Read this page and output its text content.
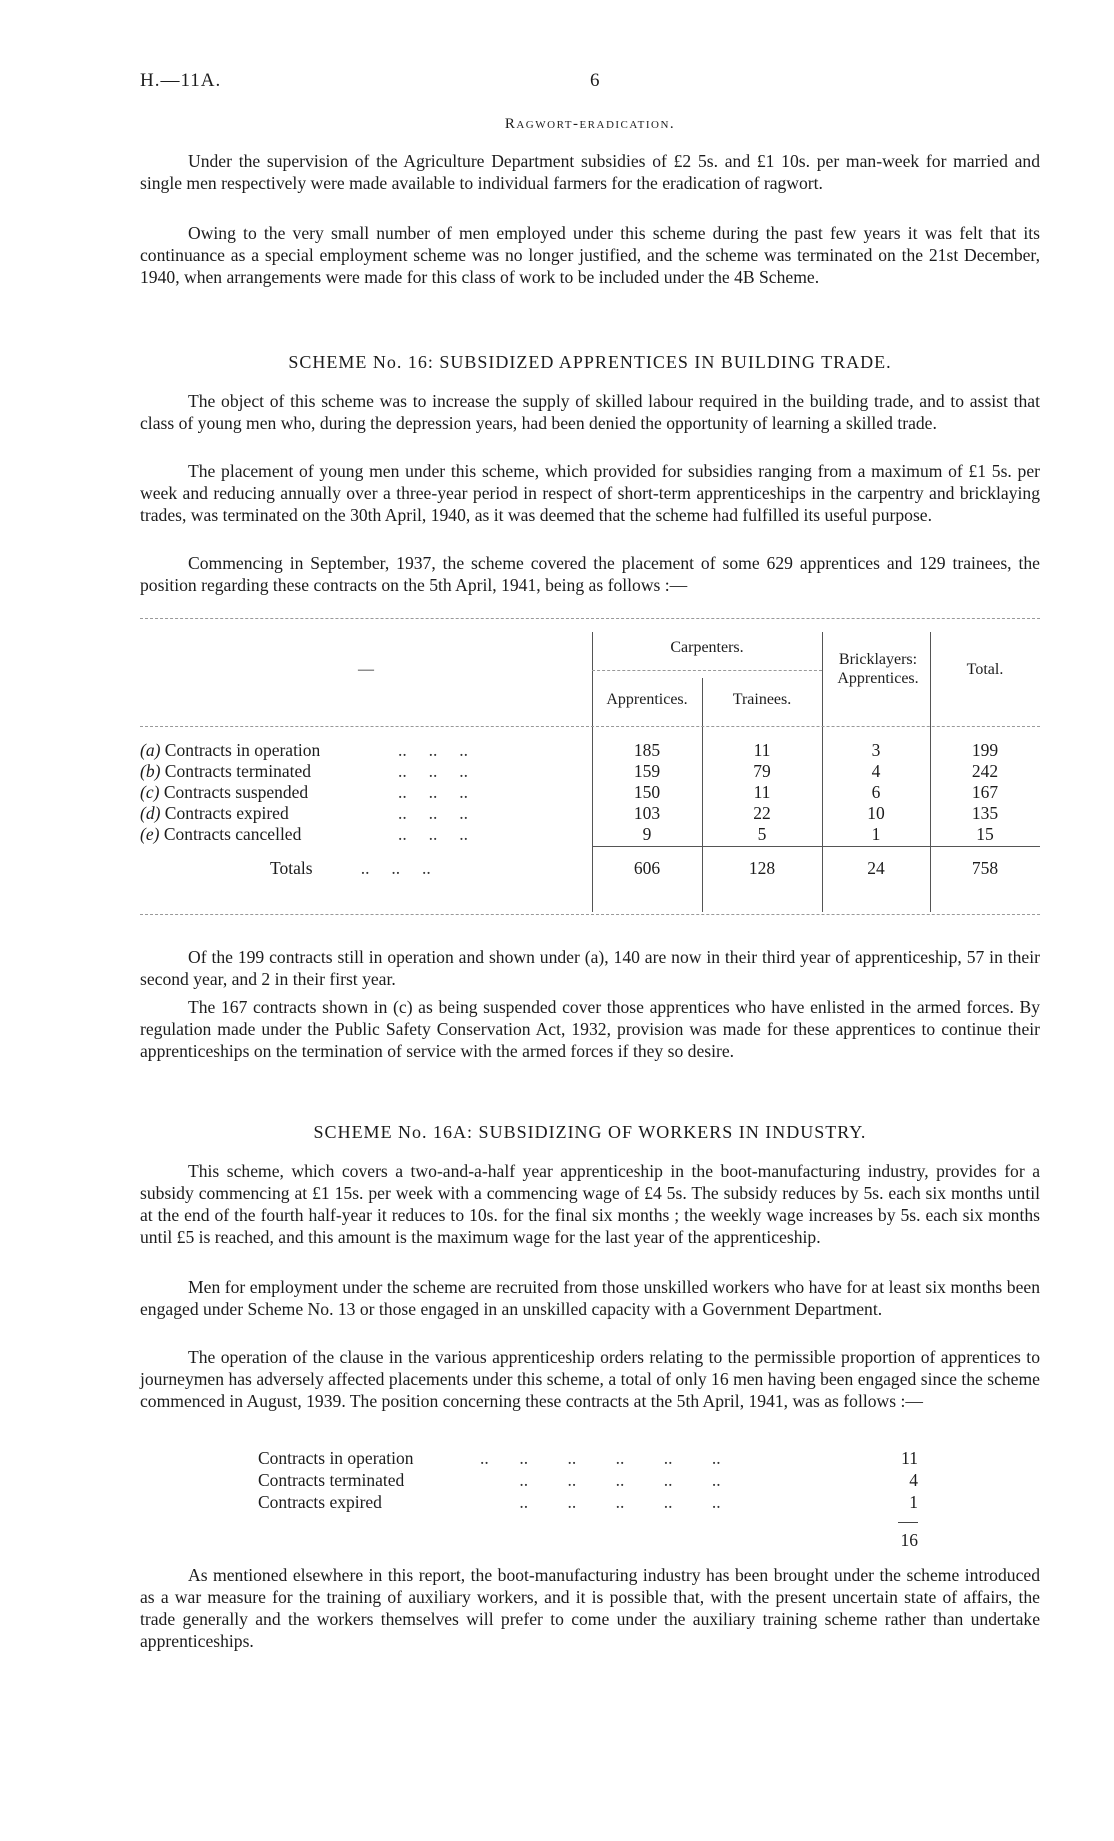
H.—11A.	6
Ragwort-eradication.

Under the supervision of the Agriculture Department subsidies of £2 5s. and £1 10s. per man-week for married and single men respectively were made available to individual farmers for the eradication of ragwort.

Owing to the very small number of men employed under this scheme during the past few years it was felt that its continuance as a special employment scheme was no longer justified, and the scheme was terminated on the 21st December, 1940, when arrangements were made for this class of work to be included under the 4B Scheme.

SCHEME No. 16: SUBSIDIZED APPRENTICES IN BUILDING TRADE.

The object of this scheme was to increase the supply of skilled labour required in the building trade, and to assist that class of young men who, during the depression years, had been denied the opportunity of learning a skilled trade.

The placement of young men under this scheme, which provided for subsidies ranging from a maximum of £1 5s. per week and reducing annually over a three-year period in respect of short-term apprenticeships in the carpentry and bricklaying trades, was terminated on the 30th April, 1940, as it was deemed that the scheme had fulfilled its useful purpose.

Commencing in September, 1937, the scheme covered the placement of some 629 apprentices and 129 trainees, the position regarding these contracts on the 5th April, 1941, being as follows :—

—
Carpenters.
Apprentices.	Trainees.
Bricklayers: Apprentices.
Total.
(a) Contracts in operation	..     ..     ..	185	11	3	199
(b) Contracts terminated	..     ..     ..	159	79	4	242
(c) Contracts suspended	..     ..     ..	150	11	6	167
(d) Contracts expired	..     ..     ..	103	22	10	135
(e) Contracts cancelled	..     ..     ..	9	5	1	15
Totals ..     ..     ..	606	128	24	758

Of the 199 contracts still in operation and shown under (a), 140 are now in their third year of apprenticeship, 57 in their second year, and 2 in their first year.

The 167 contracts shown in (c) as being suspended cover those apprentices who have enlisted in the armed forces. By regulation made under the Public Safety Conservation Act, 1932, provision was made for these apprentices to continue their apprenticeships on the termination of service with the armed forces if they so desire.

SCHEME No. 16A: SUBSIDIZING OF WORKERS IN INDUSTRY.

This scheme, which covers a two-and-a-half year apprenticeship in the boot-manufacturing industry, provides for a subsidy commencing at £1 15s. per week with a commencing wage of £4 5s. The subsidy reduces by 5s. each six months until at the end of the fourth half-year it reduces to 10s. for the final six months ; the weekly wage increases by 5s. each six months until £5 is reached, and this amount is the maximum wage for the last year of the apprenticeship.

Men for employment under the scheme are recruited from those unskilled workers who have for at least six months been engaged under Scheme No. 13 or those engaged in an unskilled capacity with a Government Department.

The operation of the clause in the various apprenticeship orders relating to the permissible proportion of apprentices to journeymen has adversely affected placements under this scheme, a total of only 16 men having been engaged since the scheme commenced in August, 1939. The position concerning these contracts at the 5th April, 1941, was as follows :—

Contracts in operation	..       ..         ..         ..         ..         ..	11
Contracts terminated	..         ..         ..         ..         ..	4
Contracts expired	..         ..         ..         ..         ..	1
16

As mentioned elsewhere in this report, the boot-manufacturing industry has been brought under the scheme introduced as a war measure for the training of auxiliary workers, and it is possible that, with the present uncertain state of affairs, the trade generally and the workers themselves will prefer to come under the auxiliary training scheme rather than undertake apprenticeships.
